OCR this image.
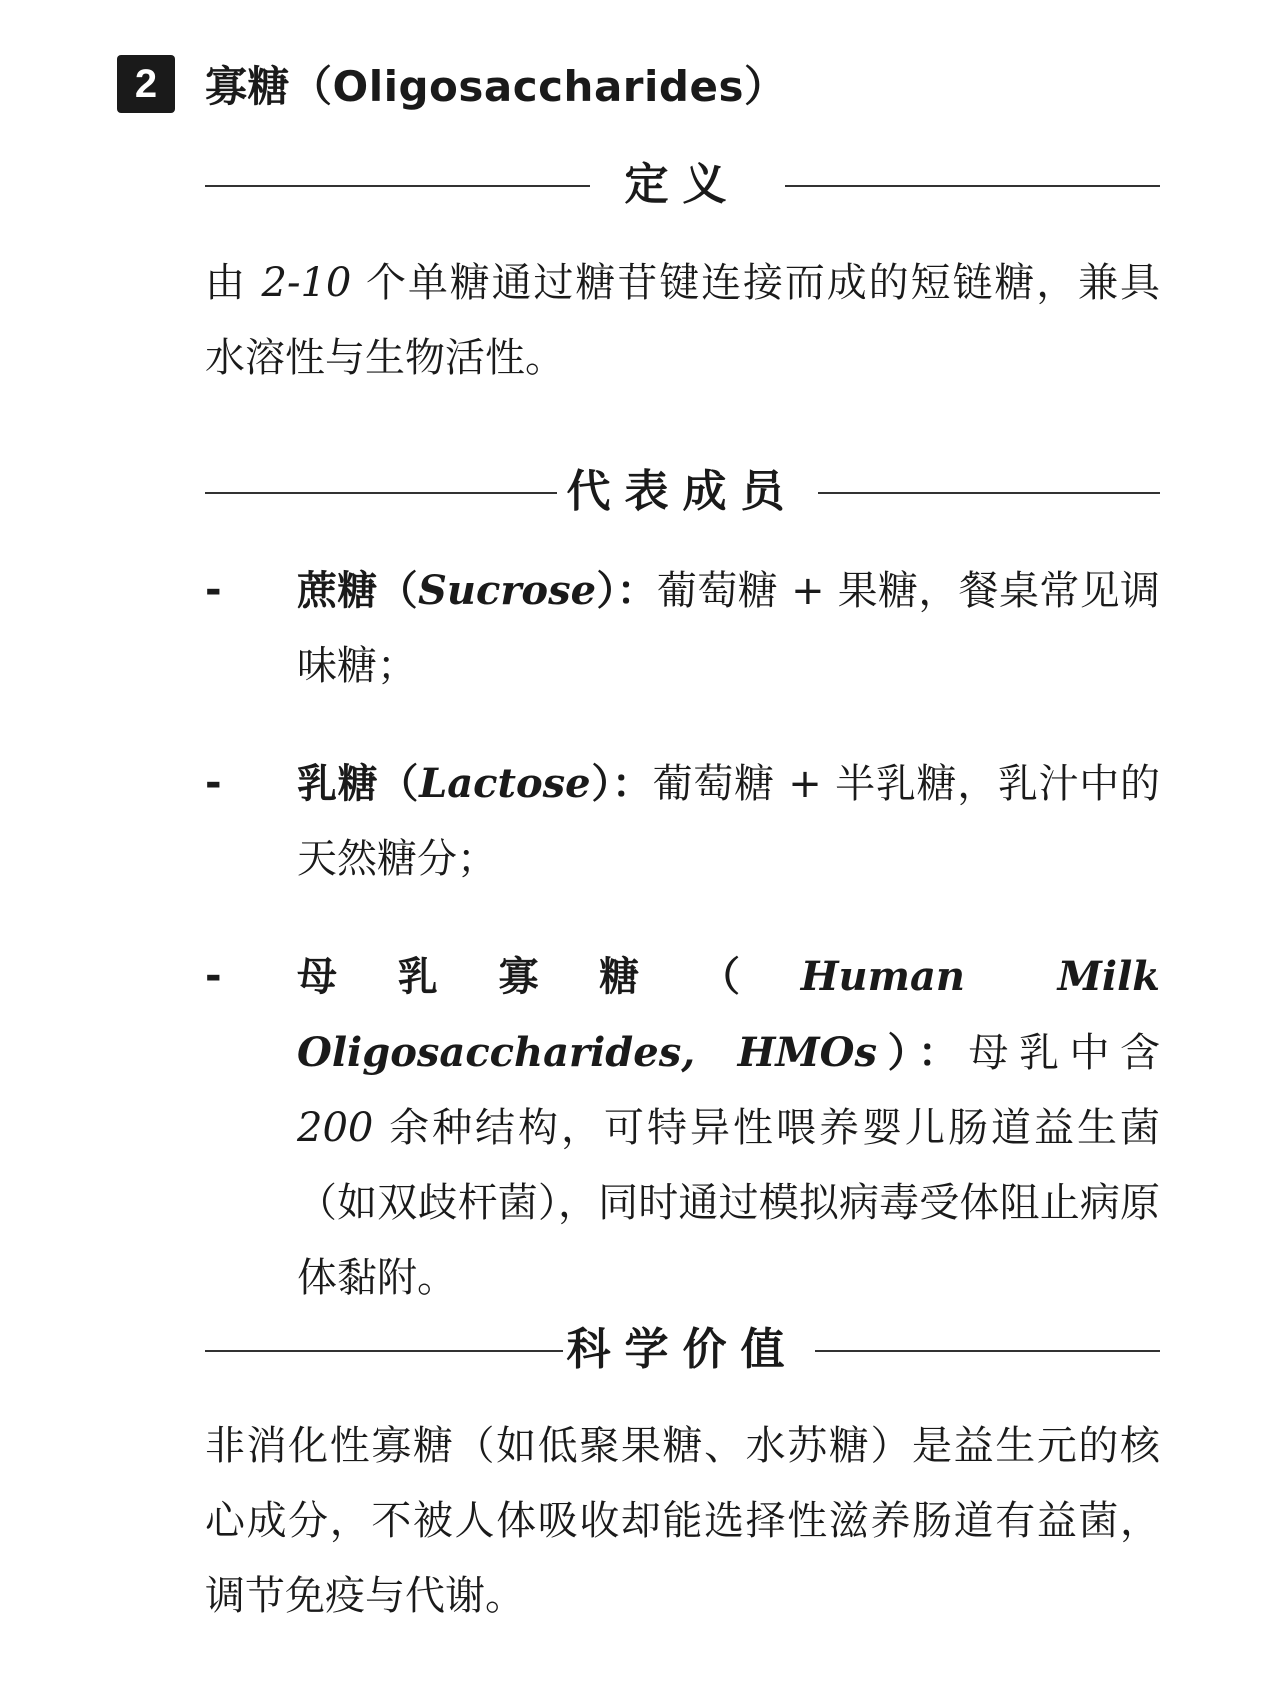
2	寡糖（Oligosaccharides）
定义
由 2-10 个单糖通过糖苷键连接而成的短链糖，兼具水溶性与生物活性。
代表成员
- 蔗糖（Sucrose）：葡萄糖 + 果糖，餐桌常见调味糖；
- 乳糖（Lactose）：葡萄糖 + 半乳糖，乳汁中的天然糖分；
- 母乳寡糖（Human Milk Oligosaccharides, HMOs）：母乳中含 200 余种结构，可特异性喂养婴儿肠道益生菌（如双歧杆菌），同时通过模拟病毒受体阻止病原体黏附。
科学价值
非消化性寡糖（如低聚果糖、水苏糖）是益生元的核心成分，不被人体吸收却能选择性滋养肠道有益菌，调节免疫与代谢。
